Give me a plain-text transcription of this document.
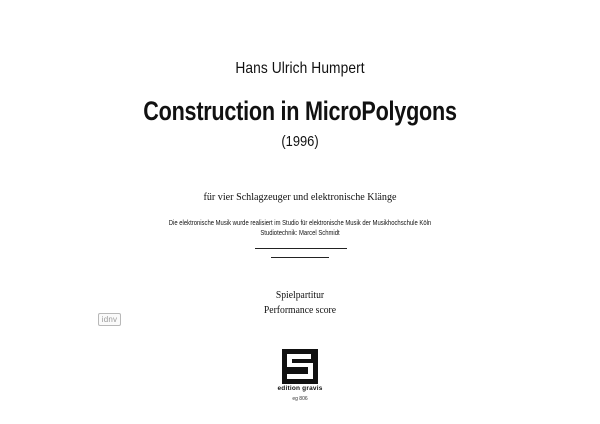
Hans Ulrich Humpert
Construction in MicroPolygons
(1996)
für vier Schlagzeuger und elektronische Klänge
Die elektronische Musik wurde realisiert im Studio für elektronische Musik der Musikhochschule Köln
Studiotechnik: Marcel Schmidt
Spielpartitur
Performance score
idnv
edition gravis
eg 806
